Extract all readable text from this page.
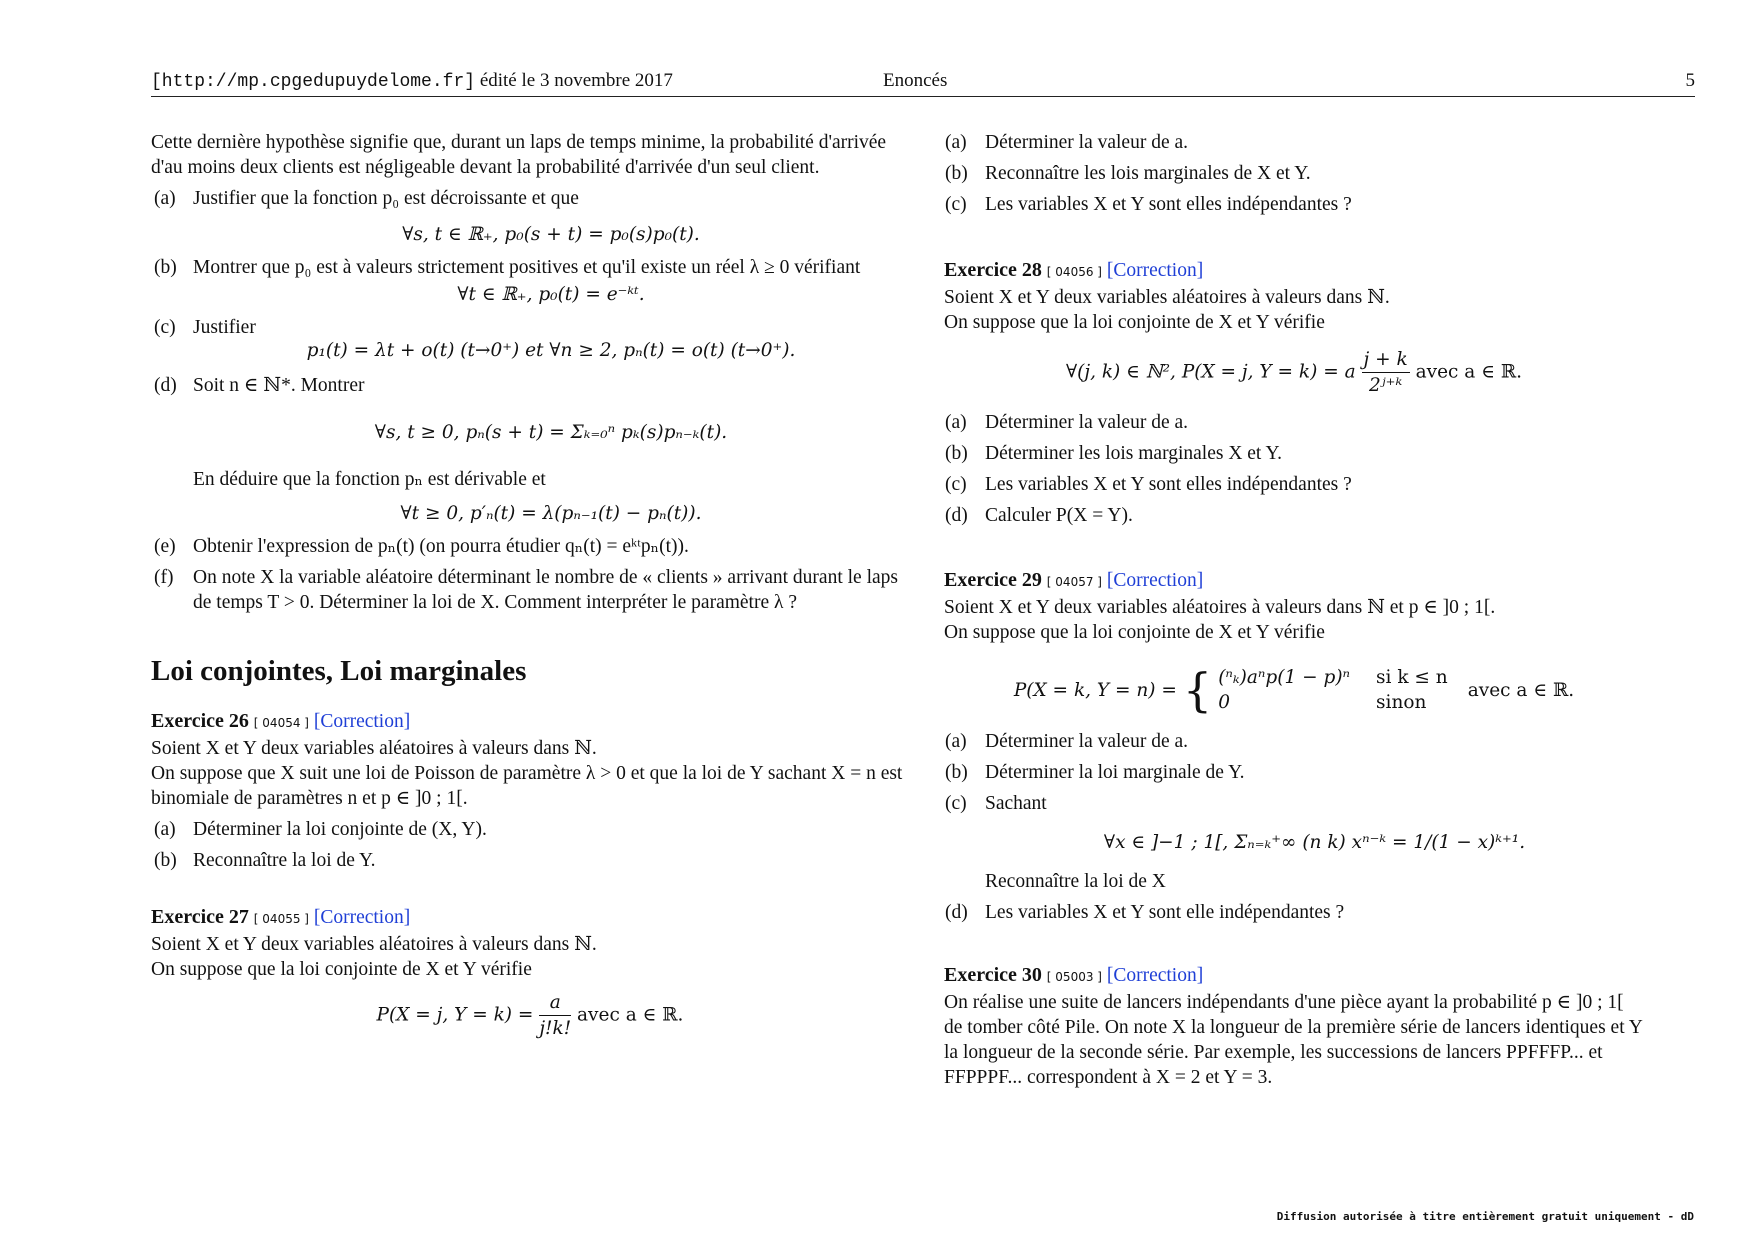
[http://mp.cpgedupuydelome.fr] édité le 3 novembre 2017	Enoncés	5

Cette dernière hypothèse signifie que, durant un laps de temps minime, la probabilité d'arrivée d'au moins deux clients est négligeable devant la probabilité d'arrivée d'un seul client.

(a) Justifier que la fonction p₀ est décroissante et que

∀s, t ∈ ℝ₊, p₀(s + t) = p₀(s)p₀(t).

(b) Montrer que p₀ est à valeurs strictement positives et qu'il existe un réel λ ≥ 0 vérifiant

∀t ∈ ℝ₊, p₀(t) = e⁻ᵏᵗ.

(c) Justifier

p₁(t) = λt + o(t) (t→0⁺) et ∀n ≥ 2, pₙ(t) = o(t) (t→0⁺).

(d) Soit n ∈ ℕ*. Montrer

∀s, t ≥ 0, pₙ(s + t) = Σₖ₌₀ⁿ pₖ(s)pₙ₋ₖ(t).

En déduire que la fonction pₙ est dérivable et

∀t ≥ 0, p′ₙ(t) = λ(pₙ₋₁(t) − pₙ(t)).

(e) Obtenir l'expression de pₙ(t) (on pourra étudier qₙ(t) = eᵏᵗpₙ(t)).

(f) On note X la variable aléatoire déterminant le nombre de « clients » arrivant durant le laps de temps T > 0. Déterminer la loi de X. Comment interpréter le paramètre λ ?

Loi conjointes, Loi marginales

Exercice 26 [ 04054 ] [Correction]

Soient X et Y deux variables aléatoires à valeurs dans ℕ.

On suppose que X suit une loi de Poisson de paramètre λ > 0 et que la loi de Y sachant X = n est binomiale de paramètres n et p ∈ ]0 ; 1[.

(a) Déterminer la loi conjointe de (X, Y).

(b) Reconnaître la loi de Y.

Exercice 27 [ 04055 ] [Correction]

Soient X et Y deux variables aléatoires à valeurs dans ℕ.

On suppose que la loi conjointe de X et Y vérifie

P(X = j, $Y = k) = \frac{a}{j!k!}$ avec a ∈ ℝ.
(a) Déterminer la valeur de a.

(b) Reconnaître les lois marginales de X et Y.

(c) Les variables X et Y sont elles indépendantes ?

Exercice 28 [ 04056 ] [Correction]

Soient X et Y deux variables aléatoires à valeurs dans ℕ.

On suppose que la loi conjointe de X et Y vérifie

∀(j, k) ∈ ℕ², P(X = j, Y = k) = a $\frac{j + k}{\text{2ʲ⁺ᵏ}}$ avec a ∈ ℝ.
(a) Déterminer la valeur de a.

(b) Déterminer les lois marginales X et Y.

(c) Les variables X et Y sont elles indépendantes ?

(d) Calculer P(X = Y).

Exercice 29 [ 04057 ] [Correction]

Soient X et Y deux variables aléatoires à valeurs dans ℕ et p ∈ ]0 ; 1[.

On suppose que la loi conjointe de X et Y vérifie

P(X = k, Y = n) = { (ⁿₖ)aⁿp(1 − p)ⁿ si k ≤ n
0	sinon
avec a ∈ ℝ.
(a) Déterminer la valeur de a.

(b) Déterminer la loi marginale de Y.

(c) Sachant

∀x ∈ ]−1 ; 1[, Σₙ₌ₖ⁺∞ (n k) xⁿ⁻ᵏ = 1/(1 − x)ᵏ⁺¹.

Reconnaître la loi de X

(d) Les variables X et Y sont elle indépendantes ?

Exercice 30 [ 05003 ] [Correction]

On réalise une suite de lancers indépendants d'une pièce ayant la probabilité p ∈ ]0 ; 1[ de tomber côté Pile. On note X la longueur de la première série de lancers identiques et Y la longueur de la seconde série. Par exemple, les successions de lancers PPFFFP... et FFPPPF... correspondent à X = 2 et Y = 3.

Diffusion autorisée à titre entièrement gratuit uniquement - dD
